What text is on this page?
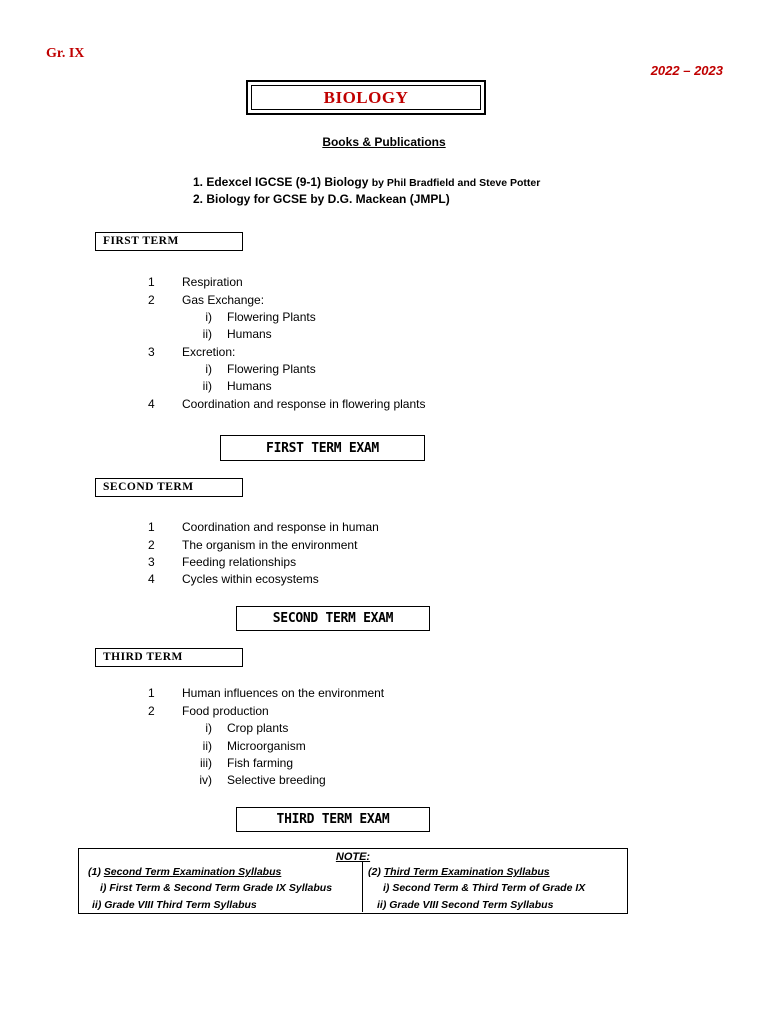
Gr. IX
2022 – 2023
BIOLOGY
Books & Publications
1. Edexcel IGCSE (9-1) Biology by Phil Bradfield and Steve Potter
2. Biology for GCSE by D.G. Mackean (JMPL)
FIRST TERM
1 Respiration
2 Gas Exchange:
i) Flowering Plants
ii) Humans
3 Excretion:
i) Flowering Plants
ii) Humans
4 Coordination and response in flowering plants
FIRST TERM EXAM
SECOND TERM
1 Coordination and response in human
2 The organism in the environment
3 Feeding relationships
4 Cycles within ecosystems
SECOND TERM EXAM
THIRD TERM
1 Human influences on the environment
2 Food production
i) Crop plants
ii) Microorganism
iii) Fish farming
iv) Selective breeding
THIRD TERM EXAM
NOTE:
(1) Second Term Examination Syllabus
i) First Term & Second Term Grade IX Syllabus
ii) Grade VIII Third Term Syllabus
(2) Third Term Examination Syllabus
i) Second Term & Third Term of Grade IX
ii) Grade VIII Second Term Syllabus
